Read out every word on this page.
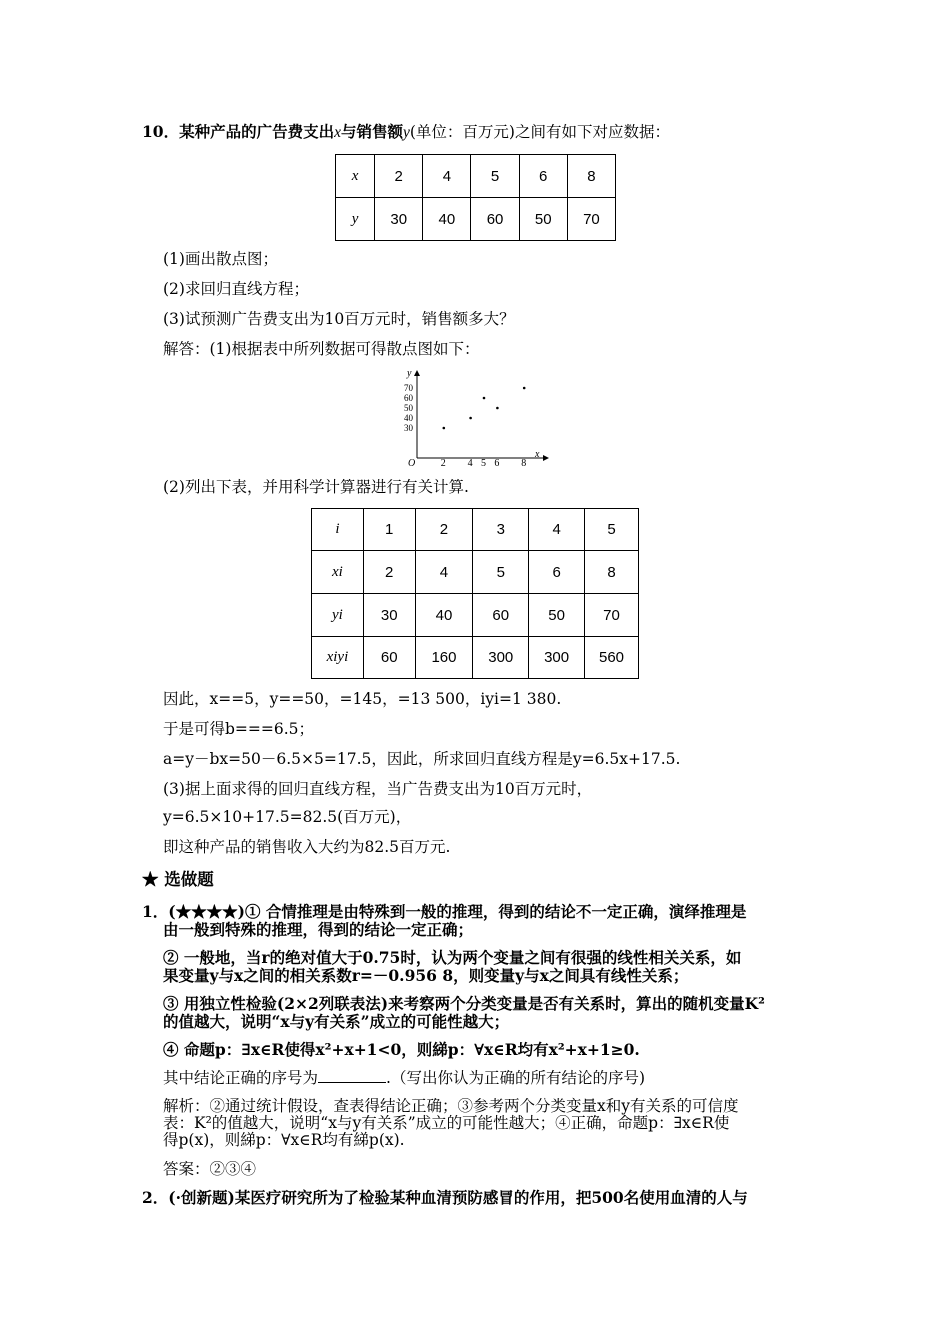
10．某种产品的广告费支出x与销售额y(单位：百万元)之间有如下对应数据：
x	2	4	5	6	8
y	30	40	60	50	70
(1)画出散点图；
(2)求回归直线方程；
(3)试预测广告费支出为10百万元时，销售额多大？
解答：(1)根据表中所列数据可得散点图如下：
x
y
O	2 4 5 6 8
30
40
50
60
70
(2)列出下表，并用科学计算器进行有关计算.
i	1	2	3	4	5
xi	2	4	5	6	8
yi	30	40	60	50	70
xiyi	60	160	300	300	560
因此，x==5，y==50，=145，=13 500，iyi=1 380.
于是可得b===6.5；
a=y－bx=50－6.5×5=17.5，因此，所求回归直线方程是y=6.5x+17.5.
(3)据上面求得的回归直线方程，当广告费支出为10百万元时，
y=6.5×10+17.5=82.5(百万元)，
即这种产品的销售收入大约为82.5百万元.
★ 选做题
1．(★★★★)① 合情推理是由特殊到一般的推理，得到的结论不一定正确，演绎推理是
由一般到特殊的推理，得到的结论一定正确；
② 一般地，当r的绝对值大于0.75时，认为两个变量之间有很强的线性相关关系，如
果变量y与x之间的相关系数r=－0.956 8，则变量y与x之间具有线性关系；
③ 用独立性检验(2×2列联表法)来考察两个分类变量是否有关系时，算出的随机变量K²
的值越大，说明“x与y有关系”成立的可能性越大；
④ 命题p：∃x∈R使得x²+x+1<0，则綈p：∀x∈R均有x²+x+1≥0.
其中结论正确的序号为	.（写出你认为正确的所有结论的序号)
解析：②通过统计假设，查表得结论正确；③参考两个分类变量x和y有关系的可信度
表：K²的值越大，说明“x与y有关系”成立的可能性越大；④正确，命题p：∃x∈R使
得p(x)，则綈p：∀x∈R均有綈p(x).
答案：②③④
2．(·创新题)某医疗研究所为了检验某种血清预防感冒的作用，把500名使用血清的人与
